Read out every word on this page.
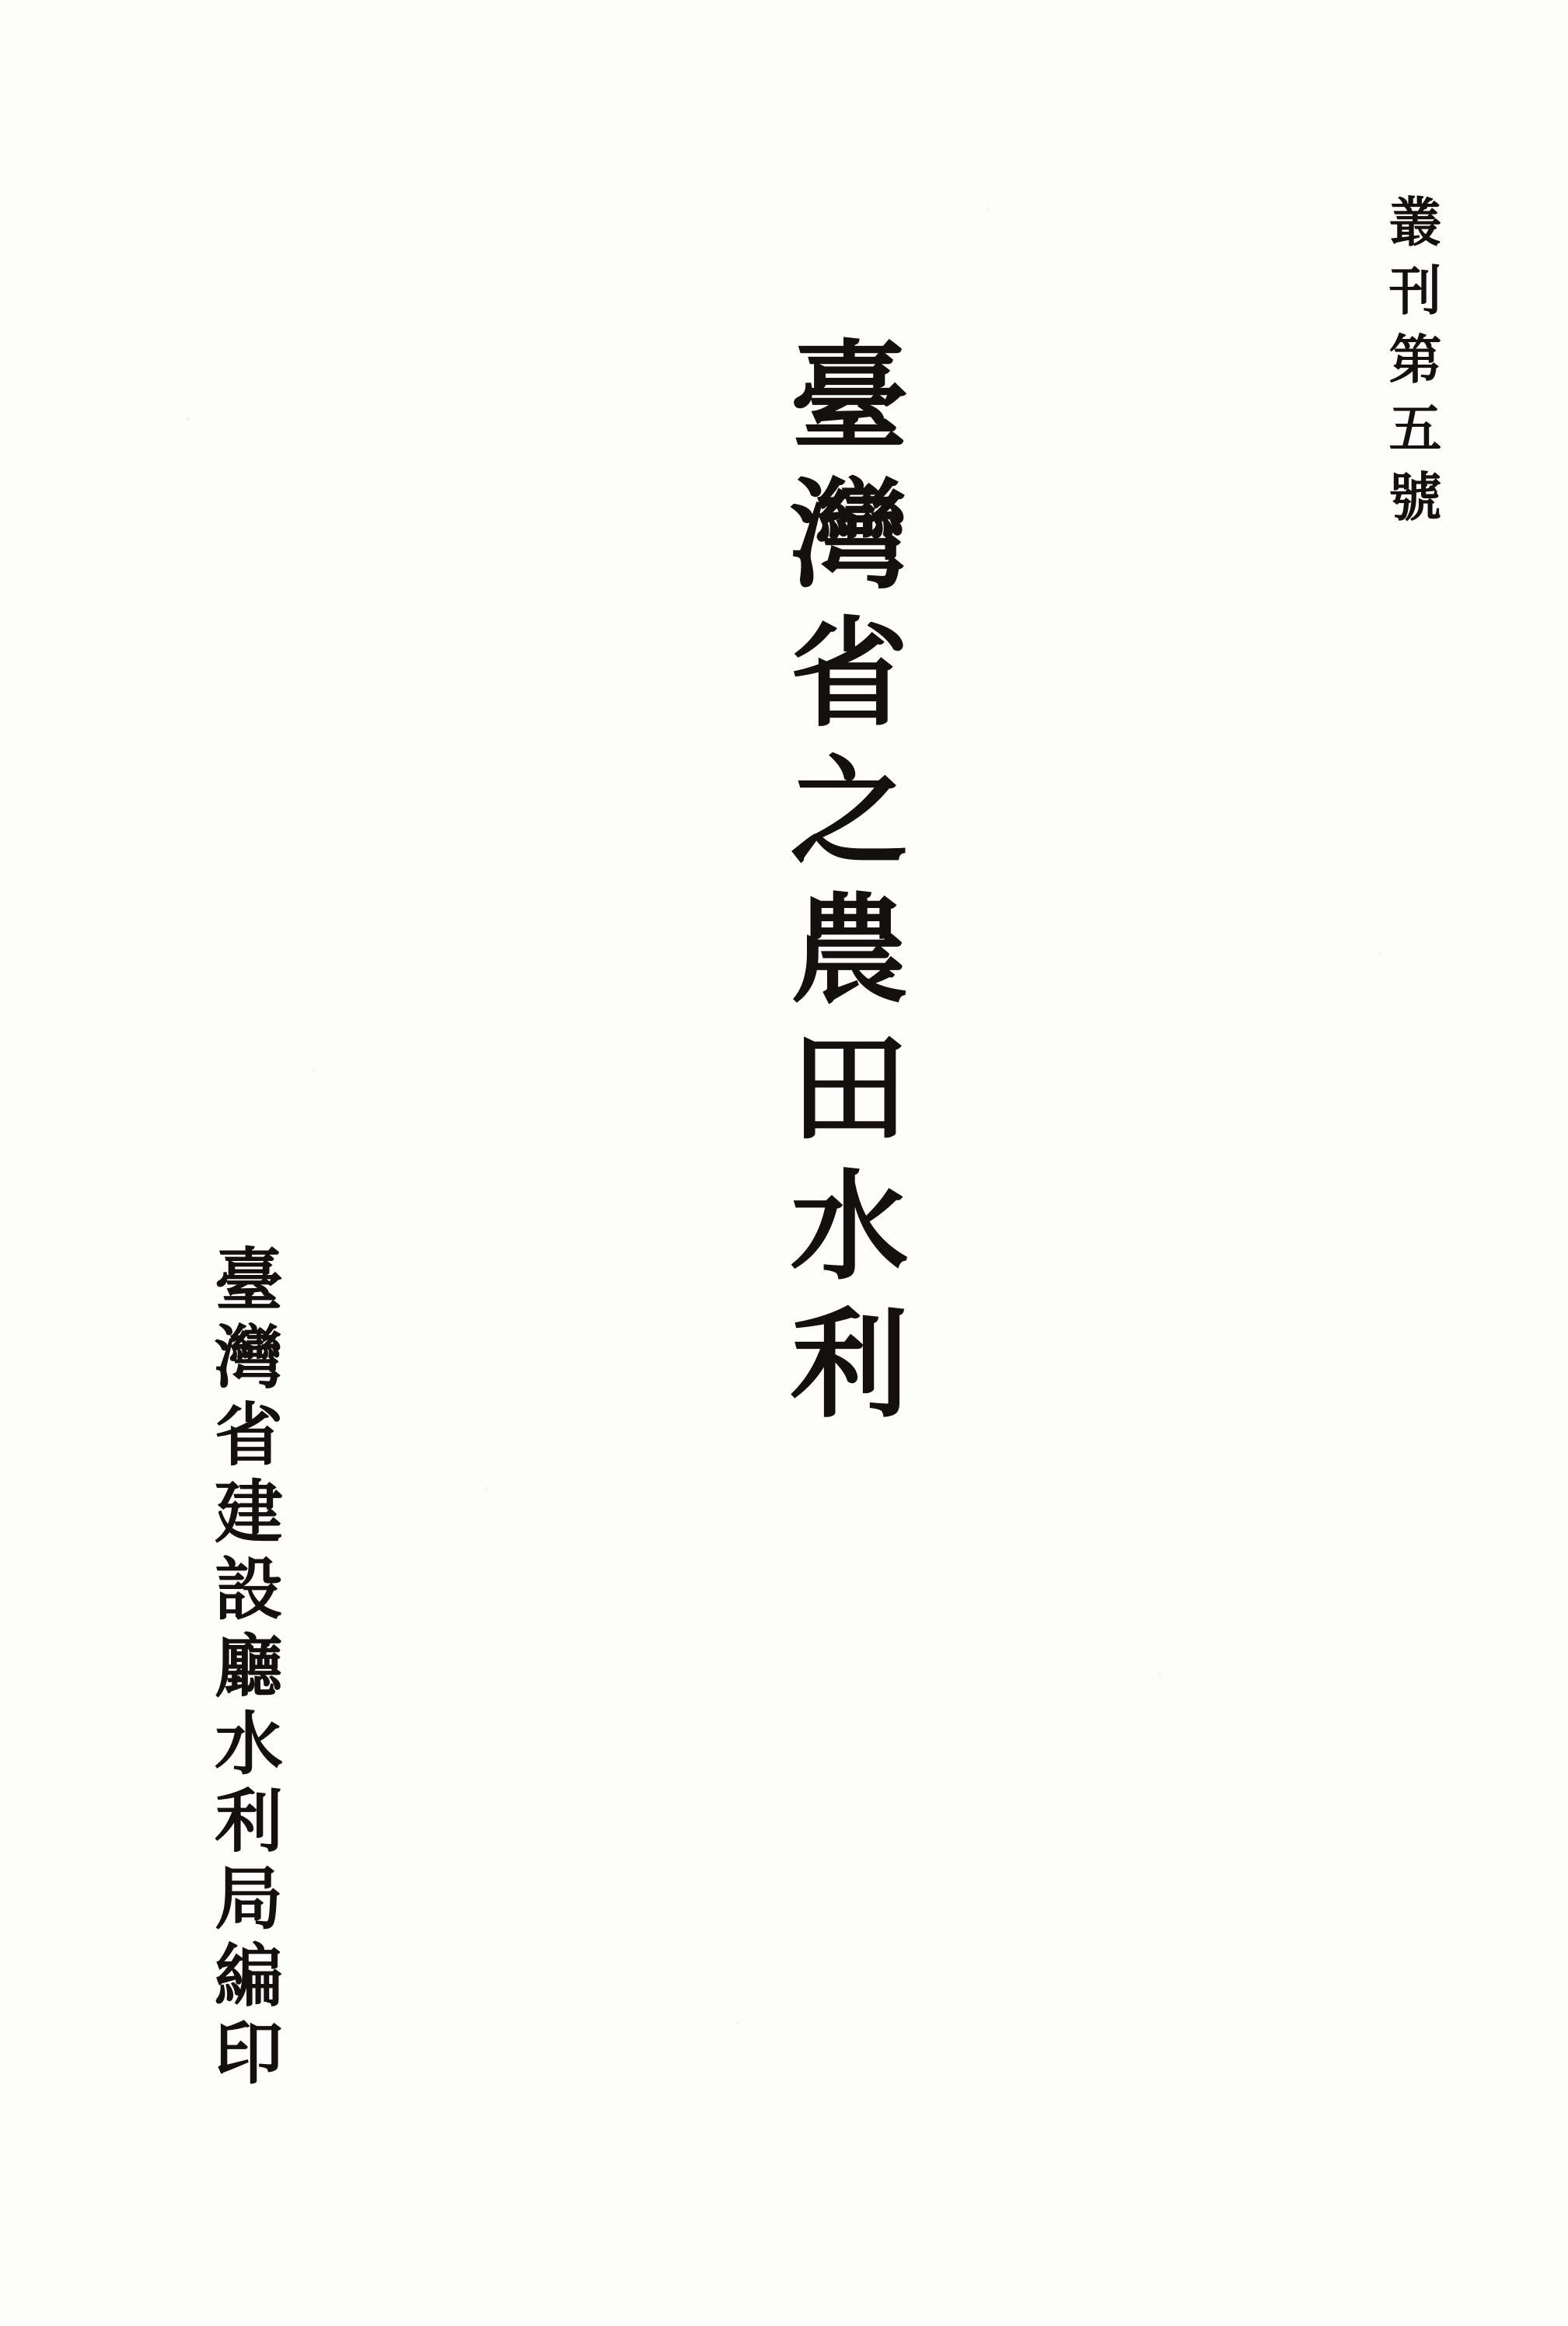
叢刊第五號
臺灣省之農田水利
臺灣省建設廳水利局編印
